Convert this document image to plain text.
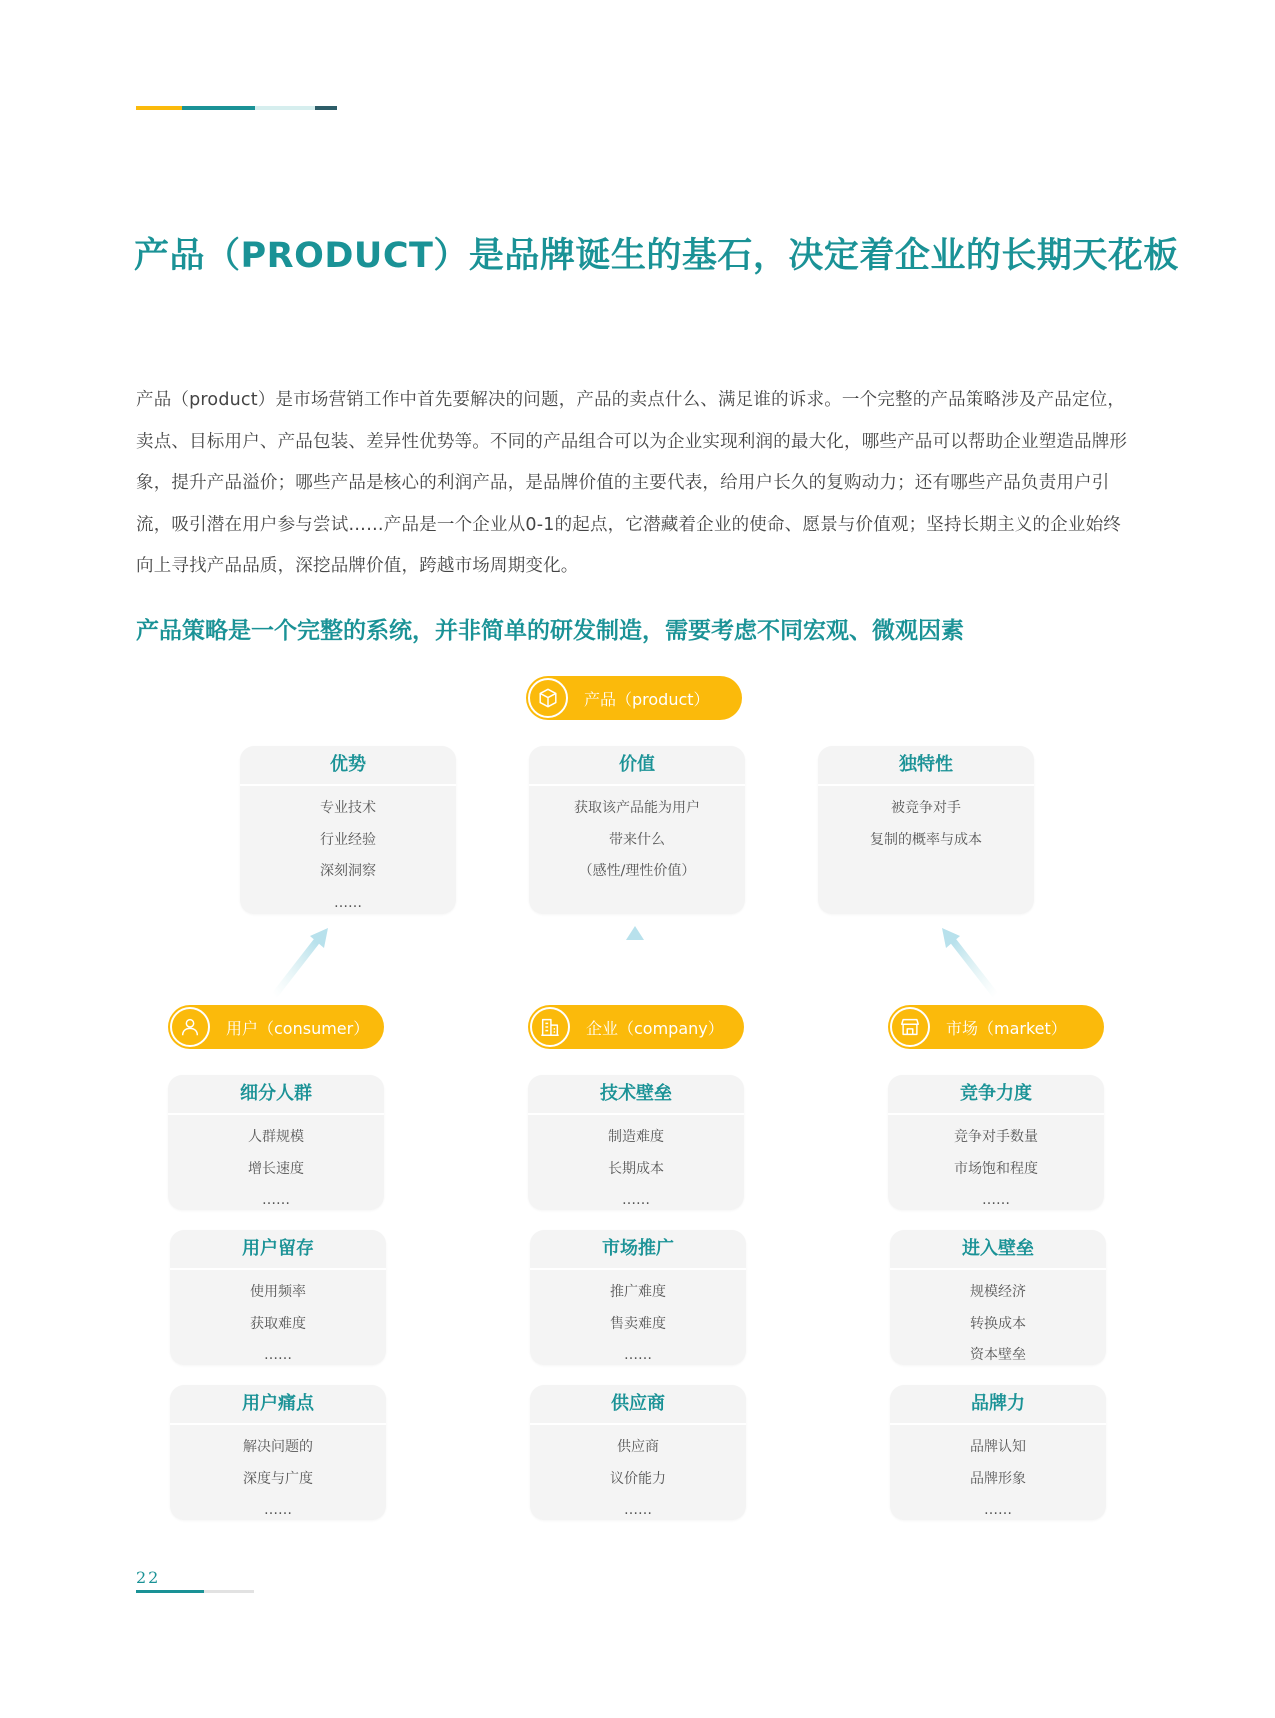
产品（PRODUCT）是品牌诞生的基石，决定着企业的长期天花板

产品（product）是市场营销工作中首先要解决的问题，产品的卖点什么、满足谁的诉求。一个完整的产品策略涉及产品定位，

卖点、目标用户、产品包装、差异性优势等。不同的产品组合可以为企业实现利润的最大化，哪些产品可以帮助企业塑造品牌形

象，提升产品溢价；哪些产品是核心的利润产品，是品牌价值的主要代表，给用户长久的复购动力；还有哪些产品负责用户引

流，吸引潜在用户参与尝试……产品是一个企业从0-1的起点，它潜藏着企业的使命、愿景与价值观；坚持长期主义的企业始终

向上寻找产品品质，深挖品牌价值，跨越市场周期变化。

产品策略是一个完整的系统，并非简单的研发制造，需要考虑不同宏观、微观因素
产品（product）
优势
专业技术
行业经验
深刻洞察
……
价值
获取该产品能为用户
带来什么
（感性/理性价值）
独特性
被竞争对手
复制的概率与成本
用户（consumer）	企业（company）	市场（market）
细分人群
人群规模
增长速度
……
用户留存
使用频率
获取难度
……
用户痛点
解决问题的
深度与广度
……
技术壁垒
制造难度
长期成本
……
市场推广
推广难度
售卖难度
……
供应商
供应商
议价能力
……
竞争力度
竞争对手数量
市场饱和程度
……
进入壁垒
规模经济
转换成本
资本壁垒
品牌力
品牌认知
品牌形象
……
22
